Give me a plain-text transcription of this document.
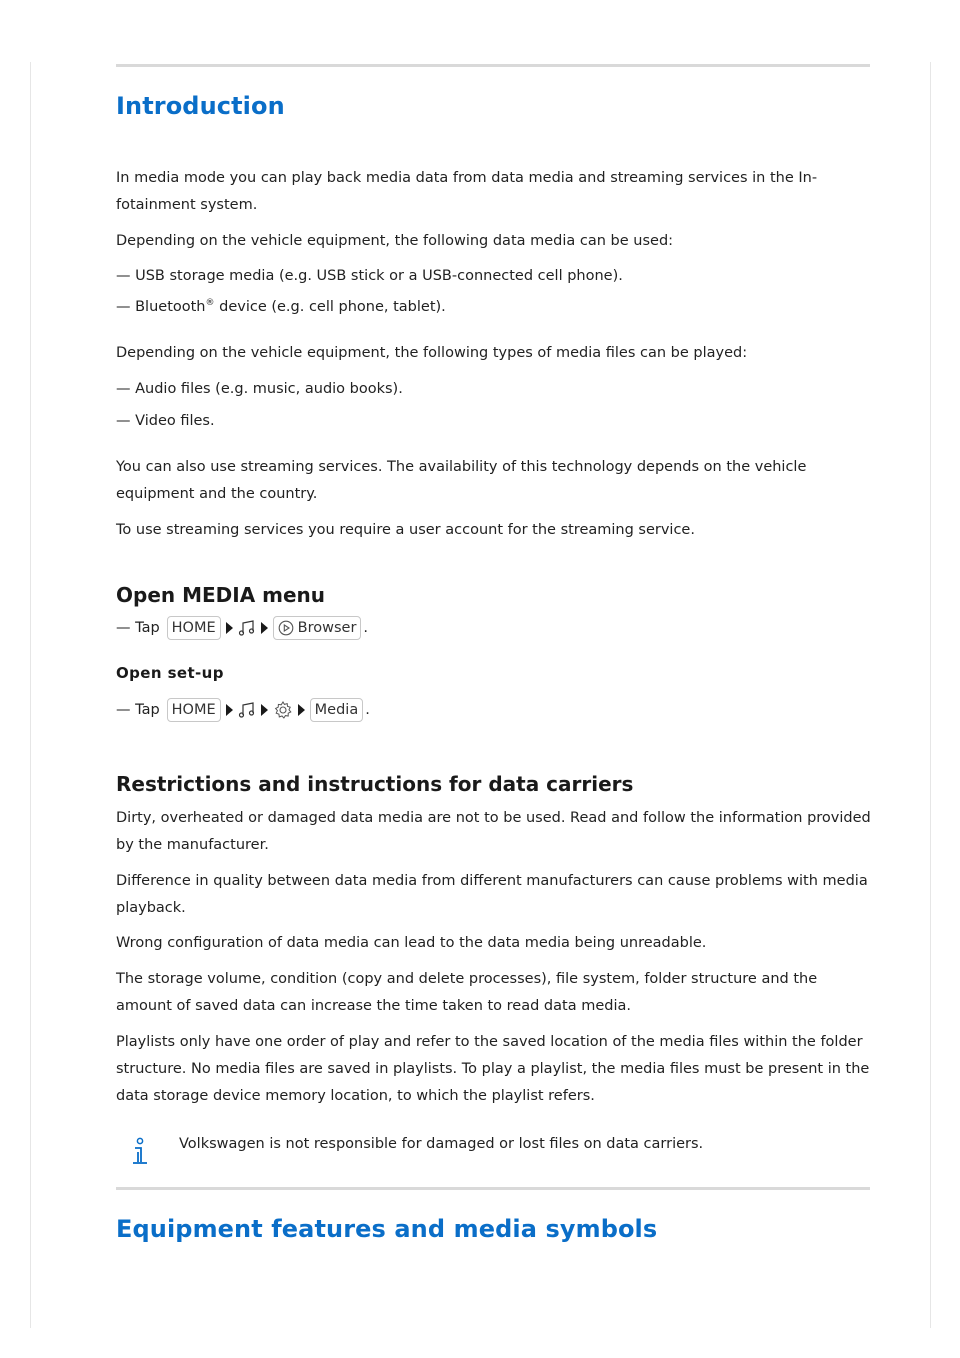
Introduction

In media mode you can play back media data from data media and streaming services in the In-fotainment system.

Depending on the vehicle equipment, the following data media can be used:

— USB storage media (e.g. USB stick or a USB-connected cell phone).

— Bluetooth® device (e.g. cell phone, tablet).

Depending on the vehicle equipment, the following types of media files can be played:

— Audio files (e.g. music, audio books).

— Video files.

You can also use streaming services. The availability of this technology depends on the vehicle equipment and the country.

To use streaming services you require a user account for the streaming service.

Open MEDIA menu
— Tap HOME	Browser .
Open set-up
— Tap HOME	Media .
Restrictions and instructions for data carriers

Dirty, overheated or damaged data media are not to be used. Read and follow the information provided by the manufacturer.

Difference in quality between data media from different manufacturers can cause problems with media playback.

Wrong configuration of data media can lead to the data media being unreadable.

The storage volume, condition (copy and delete processes), file system, folder structure and the amount of saved data can increase the time taken to read data media.

Playlists only have one order of play and refer to the saved location of the media files within the folder structure. No media files are saved in playlists. To play a playlist, the media files must be present in the data storage device memory location, to which the playlist refers.

Volkswagen is not responsible for damaged or lost files on data carriers.

Equipment features and media symbols
